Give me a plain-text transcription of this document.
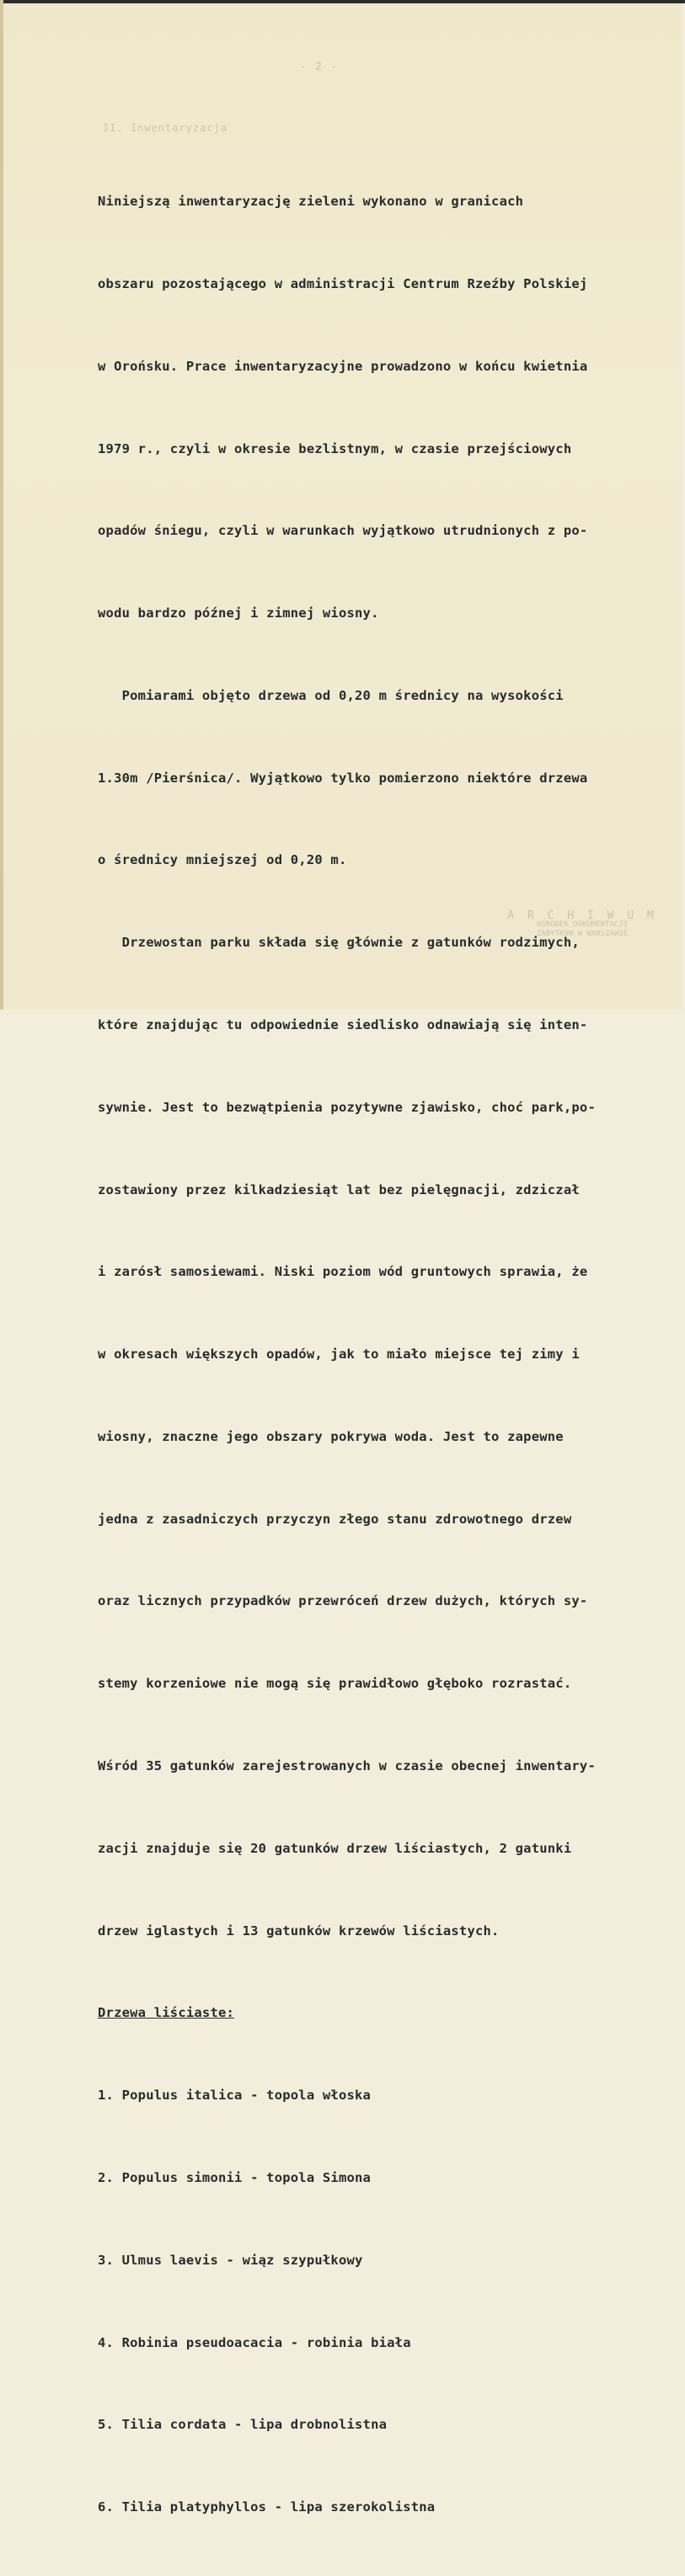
- 2 -
II. Inwentaryzacja

Niniejszą inwentaryzację zieleni wykonano w granicach

obszaru pozostającego w administracji Centrum Rzeźby Polskiej

w Orońsku. Prace inwentaryzacyjne prowadzono w końcu kwietnia

1979 r., czyli w okresie bezlistnym, w czasie przejściowych

opadów śniegu, czyli w warunkach wyjątkowo utrudnionych z po-

wodu bardzo późnej i zimnej wiosny.

Pomiarami objęto drzewa od 0,20 m średnicy na wysokości

1.30m /Pierśnica/. Wyjątkowo tylko pomierzono niektóre drzewa

o średnicy mniejszej od 0,20 m.

Drzewostan parku składa się głównie z gatunków rodzimych,

które znajdując tu odpowiednie siedlisko odnawiają się inten-

sywnie. Jest to bezwątpienia pozytywne zjawisko, choć park,po-

zostawiony przez kilkadziesiąt lat bez pielęgnacji, zdziczał

i zarósł samosiewami. Niski poziom wód gruntowych sprawia, że

w okresach większych opadów, jak to miało miejsce tej zimy i

wiosny, znaczne jego obszary pokrywa woda. Jest to zapewne

jedna z zasadniczych przyczyn złego stanu zdrowotnego drzew

oraz licznych przypadków przewróceń drzew dużych, których sy-

stemy korzeniowe nie mogą się prawidłowo głęboko rozrastać.

Wśród 35 gatunków zarejestrowanych w czasie obecnej inwentary-

zacji znajduje się 20 gatunków drzew liściastych, 2 gatunki

drzew iglastych i 13 gatunków krzewów liściastych.

Drzewa liściaste:

1. Populus italica - topola włoska

2. Populus simonii - topola Simona

3. Ulmus laevis - wiąz szypułkowy

4. Robinia pseudoacacia - robinia biała

5. Tilia cordata - lipa drobnolistna

6. Tilia platyphyllos - lipa szerokolistna

A R C H I W U M
OŚRODEK DOKUMENTACJI
ZABYTKÓW W WARSZAWIE
